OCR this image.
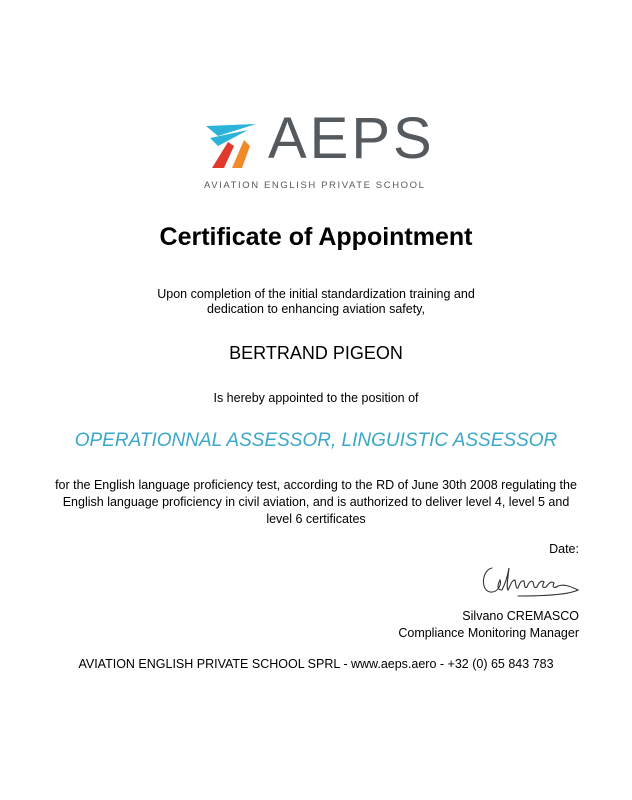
AEPS
AVIATION ENGLISH PRIVATE SCHOOL
Certificate of Appointment
Upon completion of the initial standardization training and
dedication to enhancing aviation safety,
BERTRAND PIGEON
Is hereby appointed to the position of
OPERATIONNAL ASSESSOR, LINGUISTIC ASSESSOR
for the English language proficiency test, according to the RD of June 30th 2008 regulating the
English language proficiency in civil aviation, and is authorized to deliver level 4, level 5 and
level 6 certificates
Date:
Silvano CREMASCO
Compliance Monitoring Manager
AVIATION ENGLISH PRIVATE SCHOOL SPRL - www.aeps.aero - +32 (0) 65 843 783
